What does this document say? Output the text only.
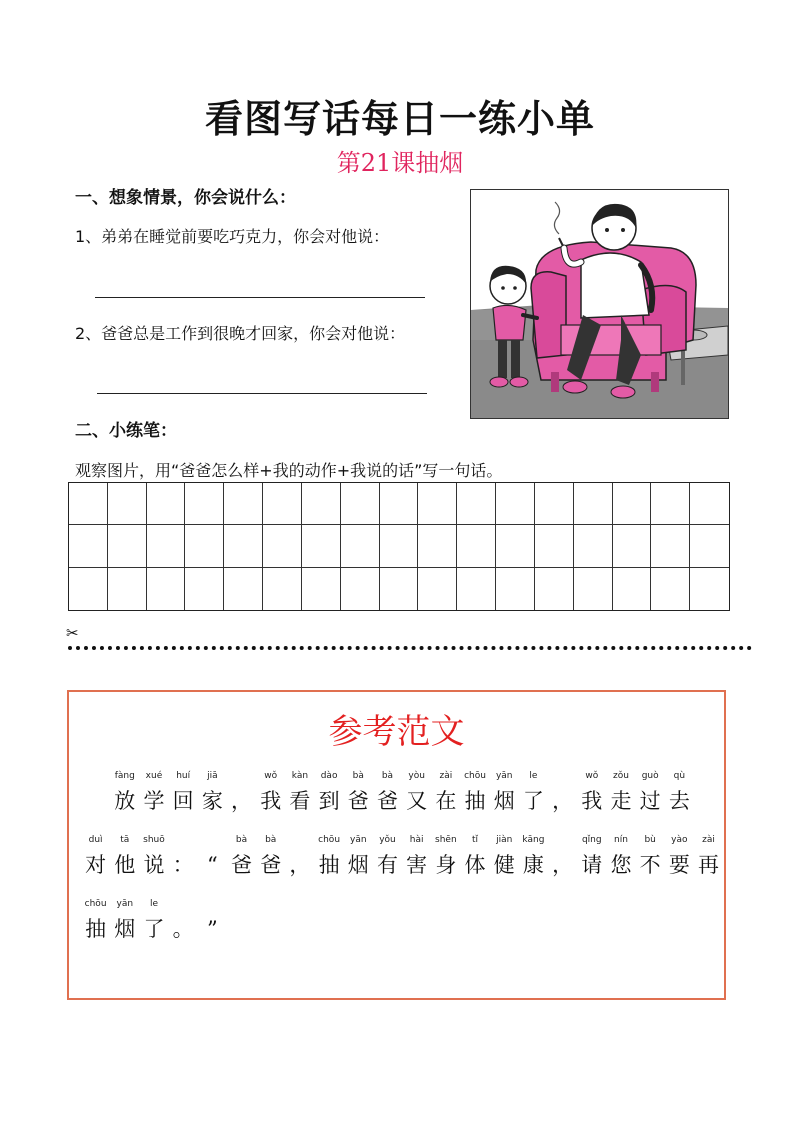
看图写话每日一练小单
第21课抽烟
一、想象情景，你会说什么：
1、弟弟在睡觉前要吃巧克力，你会对他说：
2、爸爸总是工作到很晚才回家，你会对他说：
二、小练笔：
观察图片，用“爸爸怎么样+我的动作+我说的话”写一句话。
✂
参考范文

fàng
放
xué
学
huí
回
jiā
家 ，
wǒ
我
kàn
看
dào
到
bà
爸
bà
爸
yòu
又
zài
在
chōu
抽
yān
烟
le
了 ，
wǒ
我
zǒu
走
guò
过
qù
去
duì
对
tā
他
shuō
说 ： “
bà
爸
bà
爸 ，
chōu
抽
yān
烟
yǒu
有
hài
害
shēn
身
tǐ
体
jiàn
健
kāng
康 ，
qǐng
请
nín
您
bù
不
yào
要
zài
再
chōu
抽
yān
烟
le
了 。 ”
